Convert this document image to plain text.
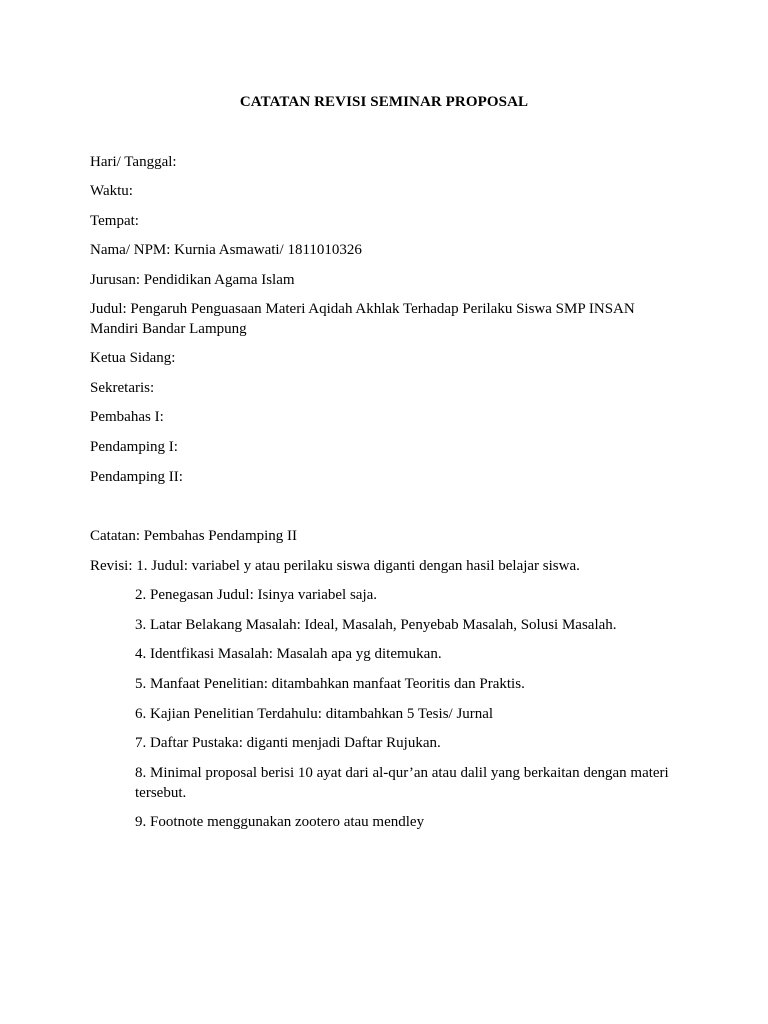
CATATAN REVISI SEMINAR PROPOSAL
Hari/ Tanggal:
Waktu:
Tempat:
Nama/ NPM: Kurnia Asmawati/ 1811010326
Jurusan: Pendidikan Agama Islam
Judul: Pengaruh Penguasaan Materi Aqidah Akhlak Terhadap Perilaku Siswa SMP INSAN Mandiri Bandar Lampung
Ketua Sidang:
Sekretaris:
Pembahas I:
Pendamping I:
Pendamping II:
Catatan: Pembahas Pendamping II
Revisi: 1. Judul: variabel y atau perilaku siswa diganti dengan hasil belajar siswa.
2. Penegasan Judul: Isinya variabel saja.
3. Latar Belakang Masalah: Ideal, Masalah, Penyebab Masalah, Solusi Masalah.
4. Identfikasi Masalah: Masalah apa yg ditemukan.
5. Manfaat Penelitian: ditambahkan manfaat Teoritis dan Praktis.
6. Kajian Penelitian Terdahulu: ditambahkan 5 Tesis/ Jurnal
7. Daftar Pustaka: diganti menjadi Daftar Rujukan.
8. Minimal proposal berisi 10 ayat dari al-qur’an atau dalil yang berkaitan dengan materi tersebut.
9. Footnote menggunakan zootero atau mendley
